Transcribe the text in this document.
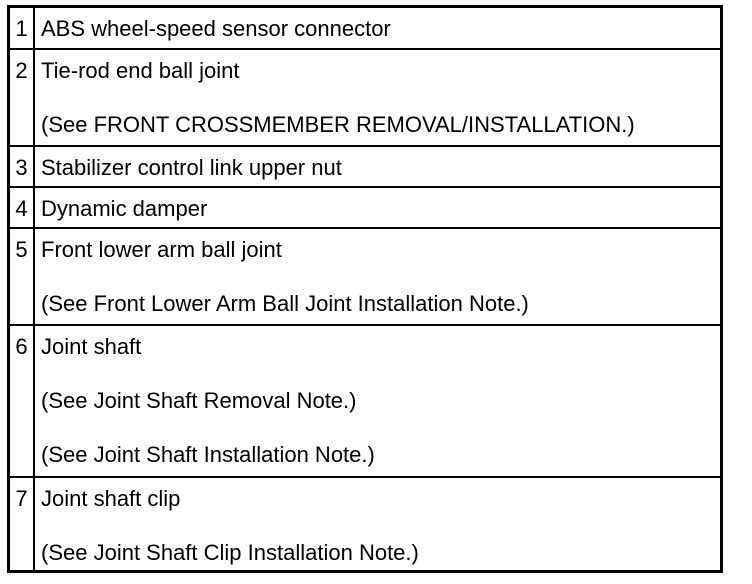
1	ABS wheel-speed sensor connector

2	Tie-rod end ball joint
(See FRONT CROSSMEMBER REMOVAL/INSTALLATION.)

3	Stabilizer control link upper nut

4	Dynamic damper

5	Front lower arm ball joint
(See Front Lower Arm Ball Joint Installation Note.)

6	Joint shaft
(See Joint Shaft Removal Note.)
(See Joint Shaft Installation Note.)

7	Joint shaft clip
(See Joint Shaft Clip Installation Note.)
